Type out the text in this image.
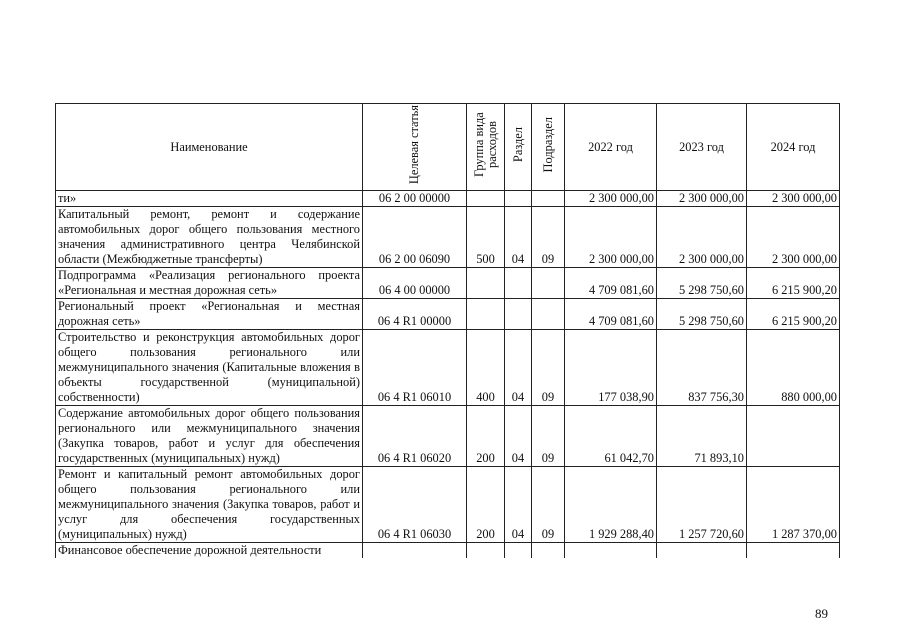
Наименование	Целевая статья	Группа вида расходов	Раздел	Подраздел	2022 год	2023 год	2024 год
ти»	06 2 00 00000				2 300 000,00	2 300 000,00	2 300 000,00
Капитальный ремонт, ремонт и содержание автомобильных дорог общего пользования местного значения административного центра Челябинской области (Межбюджетные трансферты)	06 2 00 06090	500	04	09	2 300 000,00	2 300 000,00	2 300 000,00
Подпрограмма «Реализация регионального проекта «Региональная и местная дорожная сеть»	06 4 00 00000				4 709 081,60	5 298 750,60	6 215 900,20
Региональный проект «Региональная и местная дорожная сеть»	06 4 R1 00000				4 709 081,60	5 298 750,60	6 215 900,20
Строительство и реконструкция автомобильных дорог общего пользования регионального или межмуниципального значения (Капитальные вложения в объекты государственной (муниципальной) собственности)	06 4 R1 06010	400	04	09	177 038,90	837 756,30	880 000,00
Содержание автомобильных дорог общего пользования регионального или межмуниципального значения (Закупка товаров, работ и услуг для обеспечения государственных (муниципальных) нужд)	06 4 R1 06020	200	04	09	61 042,70	71 893,10	
Ремонт и капитальный ремонт автомобильных дорог общего пользования регионального или межмуниципального значения (Закупка товаров, работ и услуг для обеспечения государственных (муниципальных) нужд)	06 4 R1 06030	200	04	09	1 929 288,40	1 257 720,60	1 287 370,00
Финансовое обеспечение дорожной деятельности							
89
